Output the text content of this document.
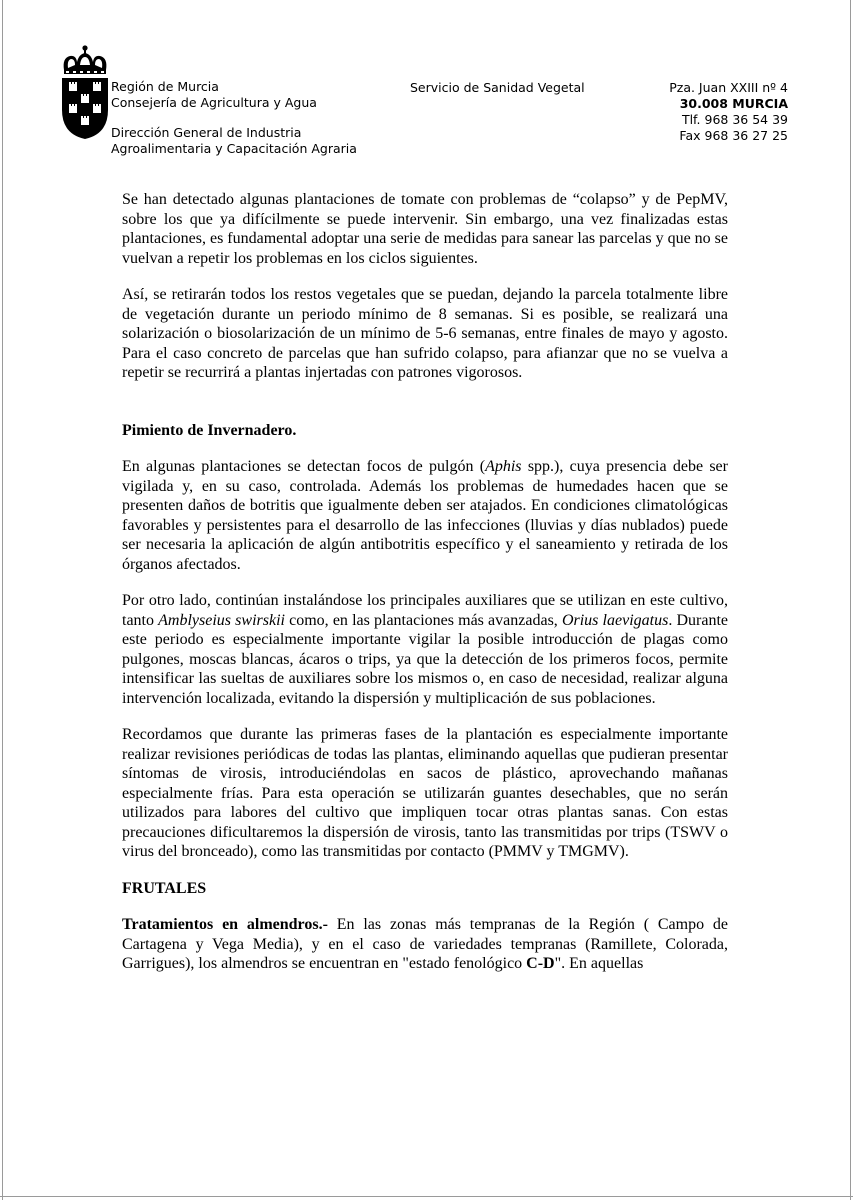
Región de Murcia
Consejería de Agricultura y Agua
Dirección General de Industria
Agroalimentaria y Capacitación Agraria
Servicio de Sanidad Vegetal	Pza. Juan XXIII nº 4
30.008 MURCIA
Tlf. 968 36 54 39
Fax 968 36 27 25

Se han detectado algunas plantaciones de tomate con problemas de “colapso” y de PepMV, sobre los que ya difícilmente se puede intervenir. Sin embargo, una vez finalizadas estas plantaciones, es fundamental adoptar una serie de medidas para sanear las parcelas y que no se vuelvan a repetir los problemas en los ciclos siguientes.

Así, se retirarán todos los restos vegetales que se puedan, dejando la parcela totalmente libre de vegetación durante un periodo mínimo de 8 semanas. Si es posible, se realizará una solarización o biosolarización de un mínimo de 5-6 semanas, entre finales de mayo y agosto. Para el caso concreto de parcelas que han sufrido colapso, para afianzar que no se vuelva a repetir se recurrirá a plantas injertadas con patrones vigorosos.

Pimiento de Invernadero.

En algunas plantaciones se detectan focos de pulgón (Aphis spp.), cuya presencia debe ser vigilada y, en su caso, controlada. Además los problemas de humedades hacen que se presenten daños de botritis que igualmente deben ser atajados. En condiciones climatológicas favorables y persistentes para el desarrollo de las infecciones (lluvias y días nublados) puede ser necesaria la aplicación de algún antibotritis específico y el saneamiento y retirada de los órganos afectados.

Por otro lado, continúan instalándose los principales auxiliares que se utilizan en este cultivo, tanto Amblyseius swirskii como, en las plantaciones más avanzadas, Orius laevigatus. Durante este periodo es especialmente importante vigilar la posible introducción de plagas como pulgones, moscas blancas, ácaros o trips, ya que la detección de los primeros focos, permite intensificar las sueltas de auxiliares sobre los mismos o, en caso de necesidad, realizar alguna intervención localizada, evitando la dispersión y multiplicación de sus poblaciones.

Recordamos que durante las primeras fases de la plantación es especialmente importante realizar revisiones periódicas de todas las plantas, eliminando aquellas que pudieran presentar síntomas de virosis, introduciéndolas en sacos de plástico, aprovechando mañanas especialmente frías. Para esta operación se utilizarán guantes desechables, que no serán utilizados para labores del cultivo que impliquen tocar otras plantas sanas. Con estas precauciones dificultaremos la dispersión de virosis, tanto las transmitidas por trips (TSWV o virus del bronceado), como las transmitidas por contacto (PMMV y TMGMV).

FRUTALES

Tratamientos en almendros.- En las zonas más tempranas de la Región ( Campo de Cartagena y Vega Media), y en el caso de variedades tempranas (Ramillete, Colorada, Garrigues), los almendros se encuentran en "estado fenológico C-D". En aquellas
